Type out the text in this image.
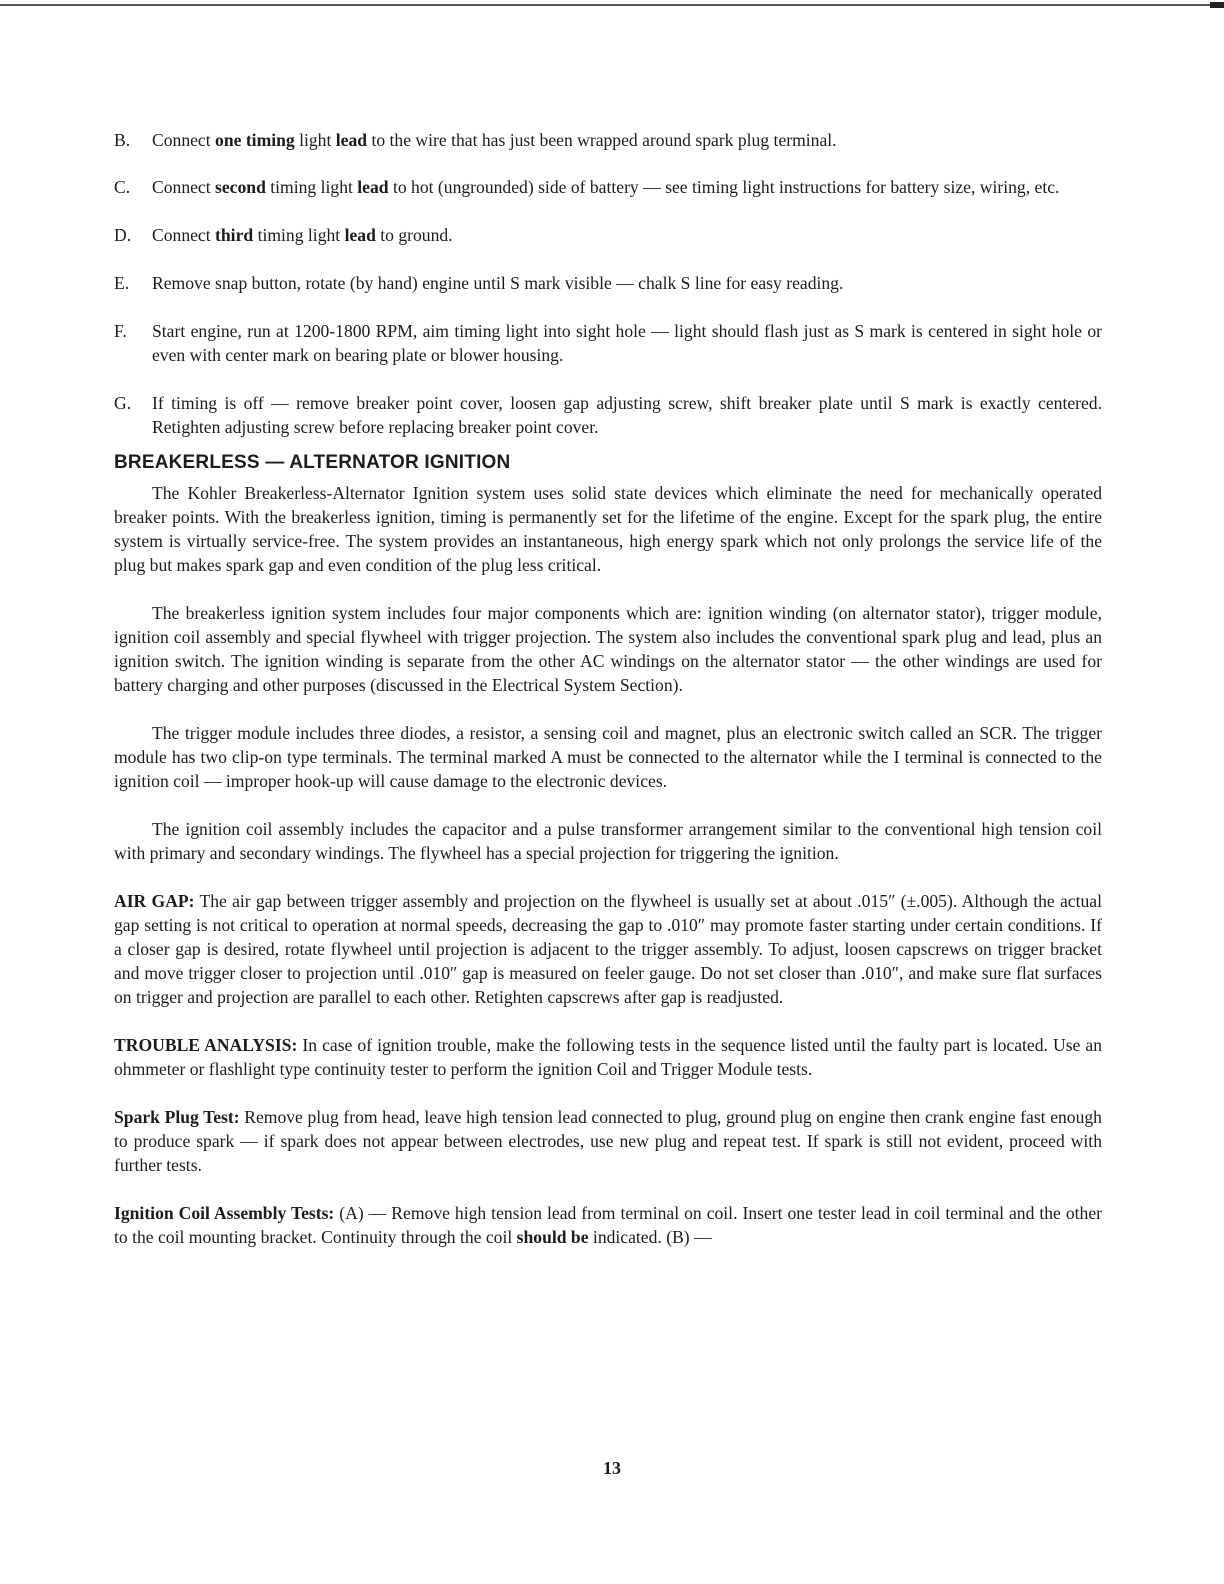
B.	Connect one timing light lead to the wire that has just been wrapped around spark plug terminal.
C.	Connect second timing light lead to hot (ungrounded) side of battery — see timing light instructions for battery size, wiring, etc.
D.	Connect third timing light lead to ground.
E.	Remove snap button, rotate (by hand) engine until S mark visible — chalk S line for easy reading.
F.	Start engine, run at 1200-1800 RPM, aim timing light into sight hole — light should flash just as S mark is centered in sight hole or even with center mark on bearing plate or blower housing.
G.	If timing is off — remove breaker point cover, loosen gap adjusting screw, shift breaker plate until S mark is exactly centered. Retighten adjusting screw before replacing breaker point cover.
BREAKERLESS — ALTERNATOR IGNITION

The Kohler Breakerless-Alternator Ignition system uses solid state devices which eliminate the need for mechanically operated breaker points. With the breakerless ignition, timing is permanently set for the lifetime of the engine. Except for the spark plug, the entire system is virtually service-free. The system provides an instantaneous, high energy spark which not only prolongs the service life of the plug but makes spark gap and even condition of the plug less critical.

The breakerless ignition system includes four major components which are: ignition winding (on alternator stator), trigger module, ignition coil assembly and special flywheel with trigger projection. The system also includes the conventional spark plug and lead, plus an ignition switch. The ignition winding is separate from the other AC windings on the alternator stator — the other windings are used for battery charging and other purposes (discussed in the Electrical System Section).

The trigger module includes three diodes, a resistor, a sensing coil and magnet, plus an electronic switch called an SCR. The trigger module has two clip-on type terminals. The terminal marked A must be connected to the alternator while the I terminal is connected to the ignition coil — improper hook-up will cause damage to the electronic devices.

The ignition coil assembly includes the capacitor and a pulse transformer arrangement similar to the conventional high tension coil with primary and secondary windings. The flywheel has a special projection for triggering the ignition.

AIR GAP: The air gap between trigger assembly and projection on the flywheel is usually set at about .015″ (±.005). Although the actual gap setting is not critical to operation at normal speeds, decreasing the gap to .010″ may promote faster starting under certain conditions. If a closer gap is desired, rotate flywheel until projection is adjacent to the trigger assembly. To adjust, loosen capscrews on trigger bracket and move trigger closer to projection until .010″ gap is measured on feeler gauge. Do not set closer than .010″, and make sure flat surfaces on trigger and projection are parallel to each other. Retighten capscrews after gap is readjusted.

TROUBLE ANALYSIS: In case of ignition trouble, make the following tests in the sequence listed until the faulty part is located. Use an ohmmeter or flashlight type continuity tester to perform the ignition Coil and Trigger Module tests.

Spark Plug Test: Remove plug from head, leave high tension lead connected to plug, ground plug on engine then crank engine fast enough to produce spark — if spark does not appear between electrodes, use new plug and repeat test. If spark is still not evident, proceed with further tests.

Ignition Coil Assembly Tests: (A) — Remove high tension lead from terminal on coil. Insert one tester lead in coil terminal and the other to the coil mounting bracket. Continuity through the coil should be indicated. (B) —

13
